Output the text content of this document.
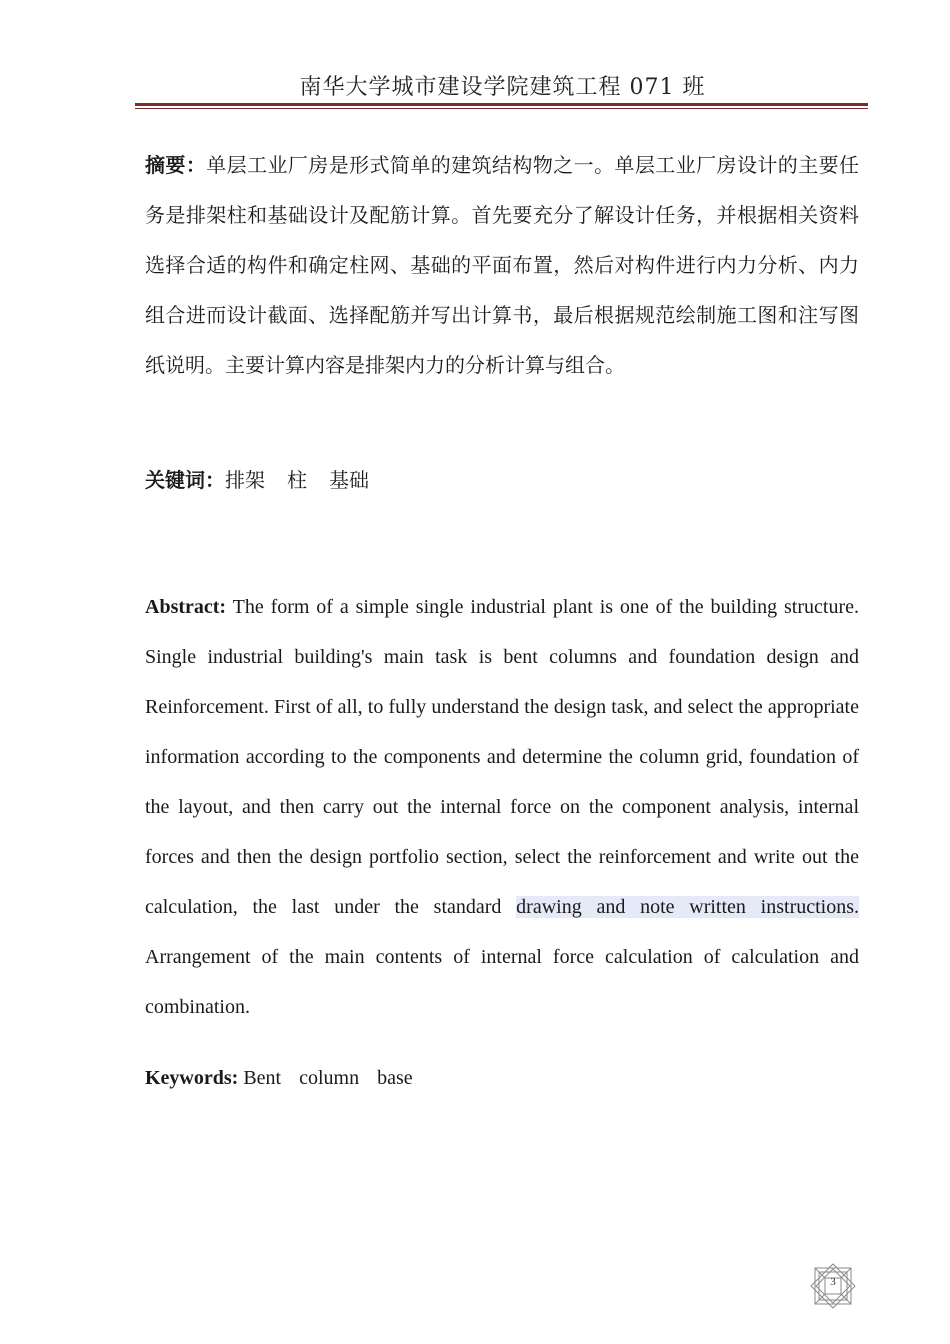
南华大学城市建设学院建筑工程 071 班
摘要：单层工业厂房是形式简单的建筑结构物之一。单层工业厂房设计的主要任务是排架柱和基础设计及配筋计算。首先要充分了解设计任务，并根据相关资料选择合适的构件和确定柱网、基础的平面布置，然后对构件进行内力分析、内力组合进而设计截面、选择配筋并写出计算书，最后根据规范绘制施工图和注写图纸说明。主要计算内容是排架内力的分析计算与组合。
关键词：排架 柱 基础
Abstract: The form of a simple single industrial plant is one of the building structure. Single industrial building's main task is bent columns and foundation design and Reinforcement. First of all, to fully understand the design task, and select the appropriate information according to the components and determine the column grid, foundation of the layout, and then carry out the internal force on the component analysis, internal forces and then the design portfolio section, select the reinforcement and write out the calculation, the last under the standard drawing and note written instructions. Arrangement of the main contents of internal force calculation of calculation and combination.
Keywords: Bent column base
3
